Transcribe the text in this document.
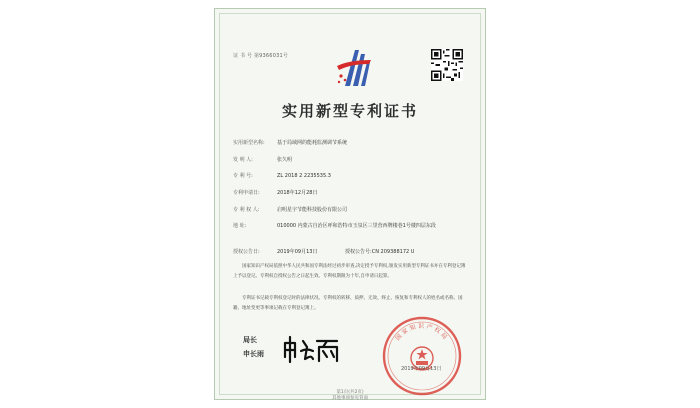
证 书 号 第9366031号
实用新型专利证书
实用新型名称: 基于局域网的能耗监测调节系统
发 明 人:	张久明
专 利 号:	ZL 2018 2 2235535.3
专利申请日:	2018年12月28日
专 利 权 人:	启明星宇节能科技股份有限公司
地 址:	010000 内蒙古自治区呼和浩特市玉泉区三里营西牌楼巷1号楼四层东段
授权公告日:	2019年09月13日	授权公告号:CN 209388172 U
国家知识产权局依照中华人民共和国专利法经过初步审查,决定授予专利权,颁发实用新型专利证书并在专利登记簿上予以登记。专利权自授权公告之日起生效。专利权期限为十年,自申请日起算。
专利证书记载专利权登记时的法律状况。专利权的转移、质押、无效、终止、恢复和专利权人的姓名或名称、国籍、地址变更等事项记载在专利登记簿上。
局长
申长雨
国家知识产权局
2019年09月13日
第1页(共2页)
其他事项参见背面
